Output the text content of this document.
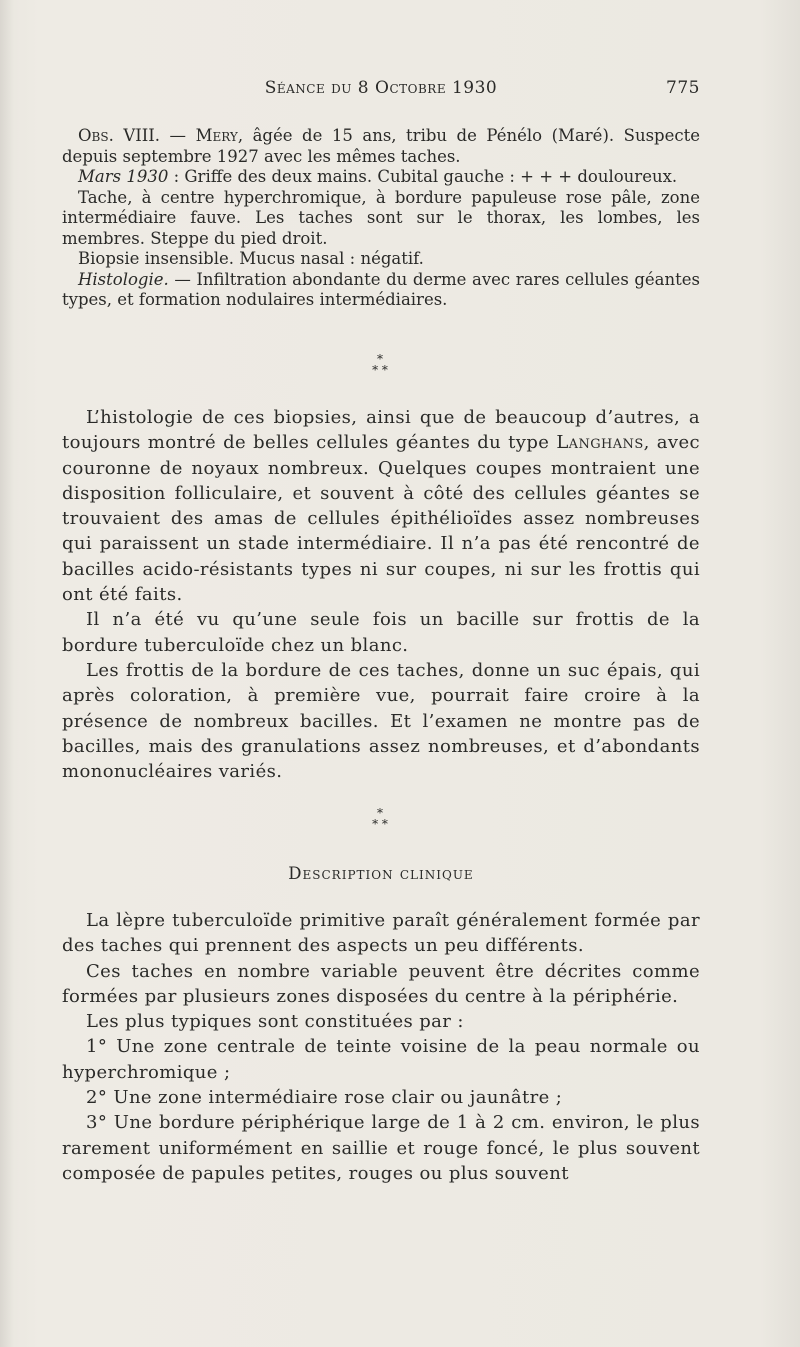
Séance du 8 Octobre 1930	775

Obs. VIII. — Mery, âgée de 15 ans, tribu de Pénélo (Maré). Suspecte depuis septembre 1927 avec les mêmes taches.

Mars 1930 : Griffe des deux mains. Cubital gauche : + + + douloureux.

Tache, à centre hyperchromique, à bordure papuleuse rose pâle, zone intermédiaire fauve. Les taches sont sur le thorax, les lombes, les membres. Steppe du pied droit.

Biopsie insensible. Mucus nasal : négatif.

Histologie. — Infiltration abondante du derme avec rares cellules géantes types, et formation nodulaires intermédiaires.

*
* *

L’histologie de ces biopsies, ainsi que de beaucoup d’autres, a toujours montré de belles cellules géantes du type Langhans, avec couronne de noyaux nombreux. Quelques coupes montraient une disposition folliculaire, et souvent à côté des cellules géantes se trouvaient des amas de cellules épithélioïdes assez nombreuses qui paraissent un stade intermédiaire. Il n’a pas été rencontré de bacilles acido-résistants types ni sur coupes, ni sur les frottis qui ont été faits.

Il n’a été vu qu’une seule fois un bacille sur frottis de la bordure tuberculoïde chez un blanc.

Les frottis de la bordure de ces taches, donne un suc épais, qui après coloration, à première vue, pourrait faire croire à la présence de nombreux bacilles. Et l’examen ne montre pas de bacilles, mais des granulations assez nombreuses, et d’abondants mononucléaires variés.

*
* *
Description clinique

La lèpre tuberculoïde primitive paraît généralement formée par des taches qui prennent des aspects un peu différents.

Ces taches en nombre variable peuvent être décrites comme formées par plusieurs zones disposées du centre à la périphérie.

Les plus typiques sont constituées par :

1° Une zone centrale de teinte voisine de la peau normale ou hyperchromique ;

2° Une zone intermédiaire rose clair ou jaunâtre ;

3° Une bordure périphérique large de 1 à 2 cm. environ, le plus rarement uniformément en saillie et rouge foncé, le plus souvent composée de papules petites, rouges ou plus souvent
